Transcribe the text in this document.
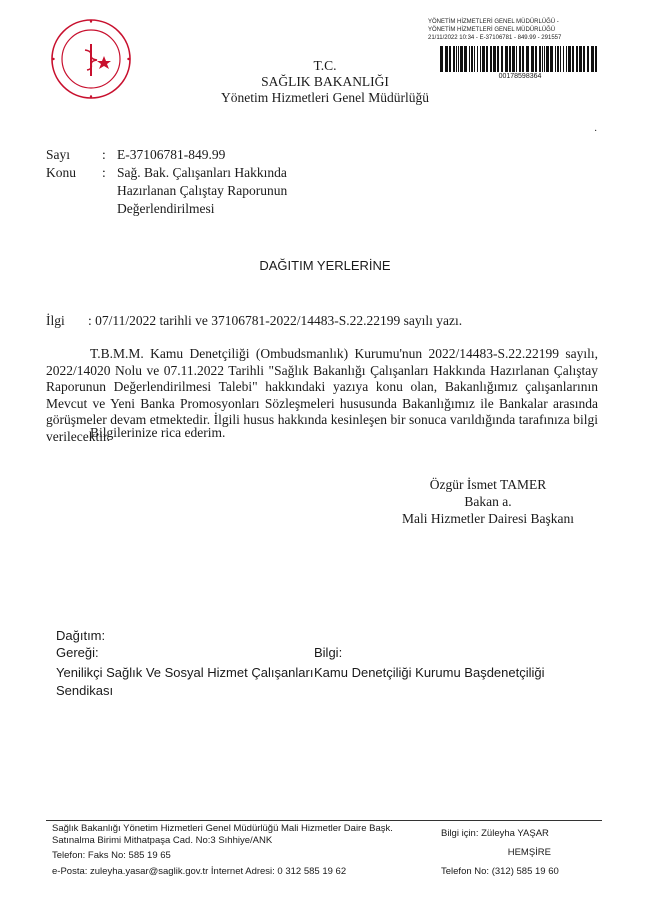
YÖNETİM HİZMETLERİ GENEL MÜDÜRLÜĞÜ -
YÖNETİM HİZMETLERİ GENEL MÜDÜRLÜĞÜ
21/11/2022 10:34 - E-37106781 - 849.99 - 291557
00178598364
T.C.
SAĞLIK BAKANLIĞI
Yönetim Hizmetleri Genel Müdürlüğü
·
Sayı : E-37106781-849.99
Konu : Sağ. Bak. Çalışanları Hakkında
Hazırlanan Çalıştay Raporunun
Değerlendirilmesi
DAĞITIM YERLERİNE
İlgi : 07/11/2022 tarihli ve 37106781-2022/14483-S.22.22199 sayılı yazı.

T.B.M.M. Kamu Denetçiliği (Ombudsmanlık) Kurumu'nun 2022/14483-S.22.22199 sayılı, 2022/14020 Nolu ve 07.11.2022 Tarihli "Sağlık Bakanlığı Çalışanları Hakkında Hazırlanan Çalıştay Raporunun Değerlendirilmesi Talebi" hakkındaki yazıya konu olan, Bakanlığımız çalışanlarının Mevcut ve Yeni Banka Promosyonları Sözleşmeleri hususunda Bakanlığımız ile Bankalar arasında görüşmeler devam etmektedir. İlgili husus hakkında kesinleşen bir sonuca varıldığında tarafınıza bilgi verilecektir.

Bilgilerinize rica ederim.
Özgür İsmet TAMER
Bakan a.
Mali Hizmetler Dairesi Başkanı
Dağıtım:
Gereği:
Yenilikçi Sağlık Ve Sosyal Hizmet Çalışanları
Sendikası
Bilgi:
Kamu Denetçiliği Kurumu Başdenetçiliği
Sağlık Bakanlığı Yönetim Hizmetleri Genel Müdürlüğü Mali Hizmetler Daire Başk.
Satınalma Birimi Mithatpaşa Cad. No:3 Sıhhiye/ANK
Telefon: Faks No: 585 19 65
e-Posta: zuleyha.yasar@saglik.gov.tr İnternet Adresi: 0 312 585 19 62
Bilgi için: Züleyha YAŞAR
HEMŞİRE
Telefon No: (312) 585 19 60
